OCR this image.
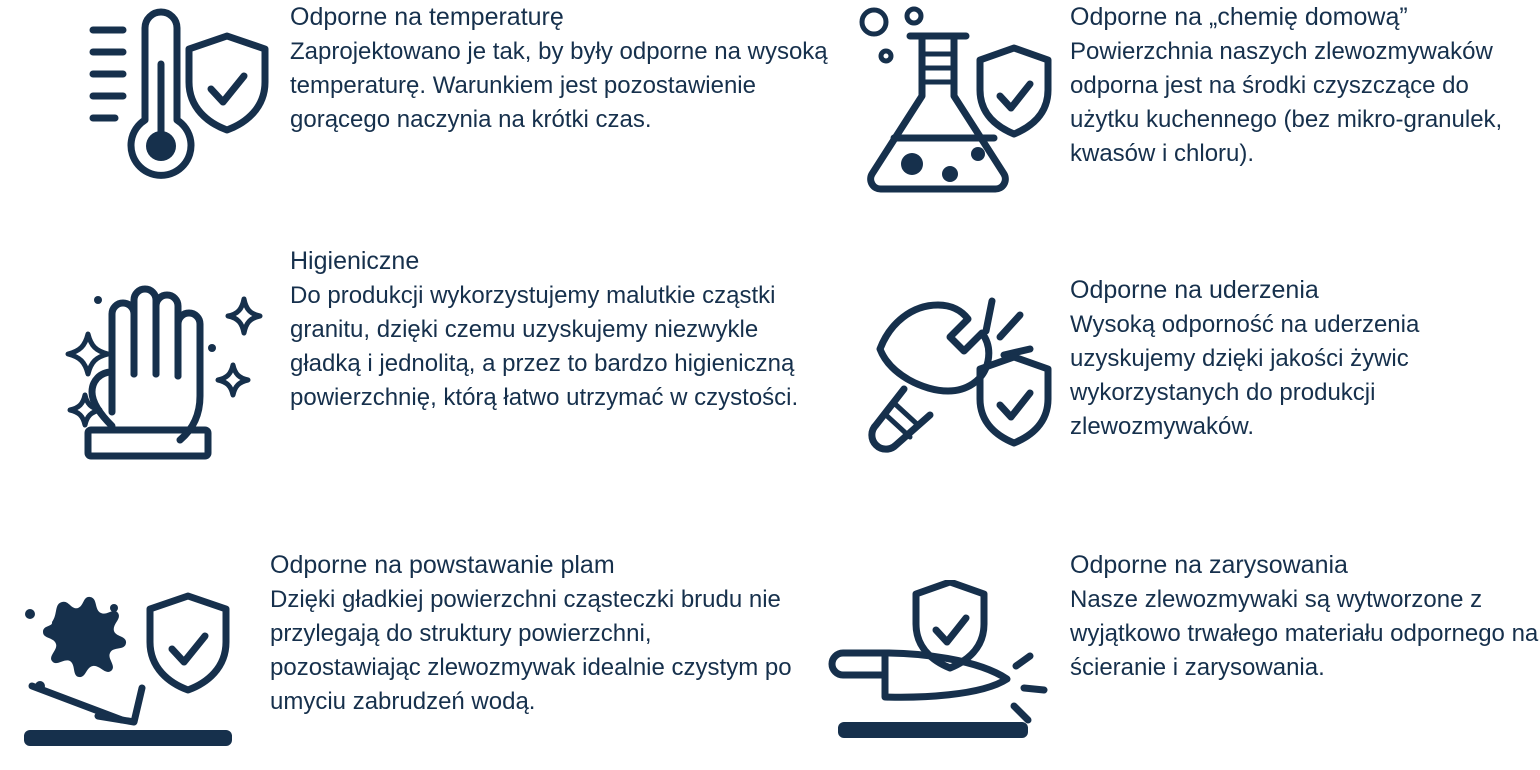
Odporne na temperaturę

Zaprojektowano je tak, by były odporne na wysoką temperaturę. Warunkiem jest pozostawienie gorącego naczynia na krótki czas.

Higieniczne

Do produkcji wykorzystujemy malutkie cząstki granitu, dzięki czemu uzyskujemy niezwykle gładką i jednolitą, a przez to bardzo higieniczną powierzchnię, którą łatwo utrzymać w czystości.

Odporne na powstawanie plam

Dzięki gładkiej powierzchni cząsteczki brudu nie przylegają do struktury powierzchni, pozostawiając zlewozmywak idealnie czystym po umyciu zabrudzeń wodą.

Odporne na „chemię domową”

Powierzchnia naszych zlewozmywaków odporna jest na środki czyszczące do użytku kuchennego (bez mikro-granulek, kwasów i chloru).

Odporne na uderzenia

Wysoką odporność na uderzenia uzyskujemy dzięki jakości żywic wykorzystanych do produkcji zlewozmywaków.

Odporne na zarysowania

Nasze zlewozmywaki są wytworzone z wyjątkowo trwałego materiału odpornego na ścieranie i zarysowania.
